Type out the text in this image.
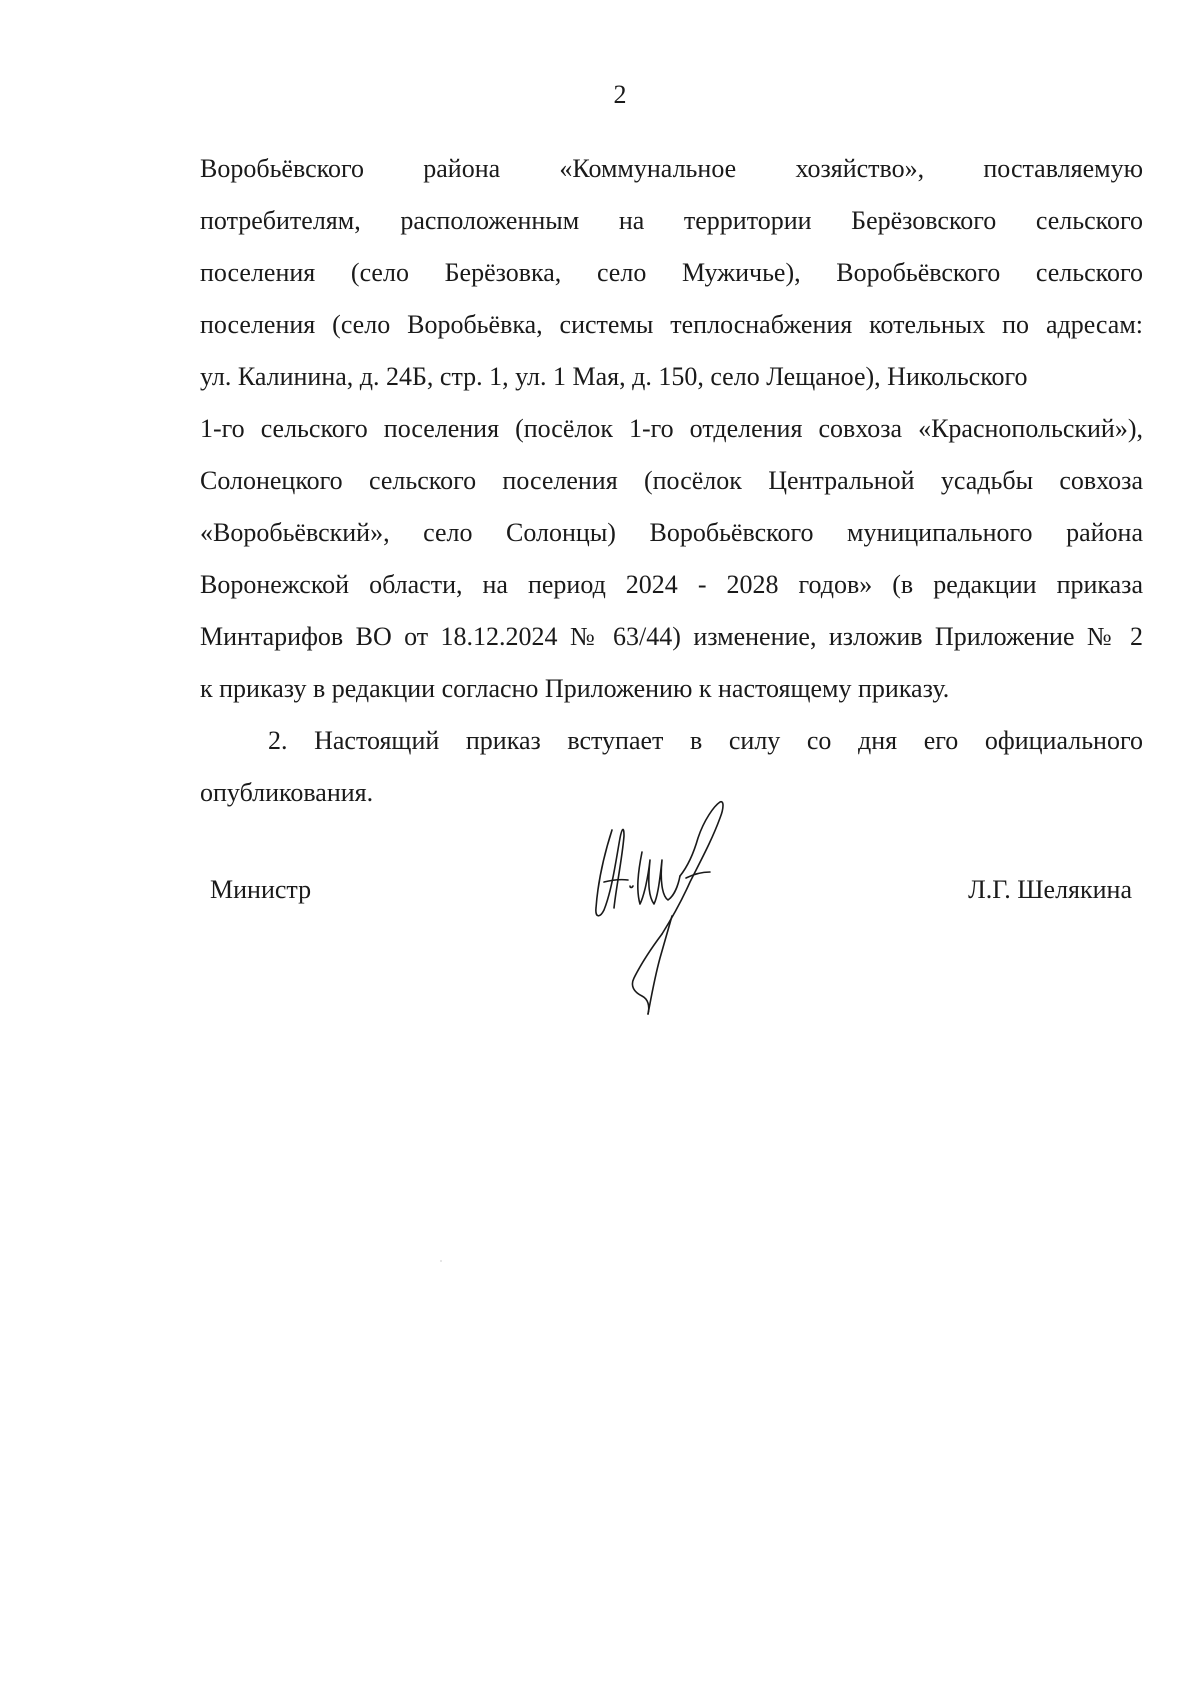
2
Воробьёвского района «Коммунальное хозяйство», поставляемую
потребителям, расположенным на территории Берёзовского сельского
поселения (село Берёзовка, село Мужичье), Воробьёвского сельского
поселения (село Воробьёвка, системы теплоснабжения котельных по адресам:
ул. Калинина, д. 24Б, стр. 1, ул. 1 Мая, д. 150, село Лещаное), Никольского
1-го сельского поселения (посёлок 1-го отделения совхоза «Краснопольский»),
Солонецкого сельского поселения (посёлок Центральной усадьбы совхоза
«Воробьёвский», село Солонцы) Воробьёвского муниципального района
Воронежской области, на период 2024 - 2028 годов» (в редакции приказа
Минтарифов ВО от 18.12.2024 № 63/44) изменение, изложив Приложение № 2
к приказу в редакции согласно Приложению к настоящему приказу.
2. Настоящий приказ вступает в силу со дня его официального
опубликования.
Министр	Л.Г. Шелякина
